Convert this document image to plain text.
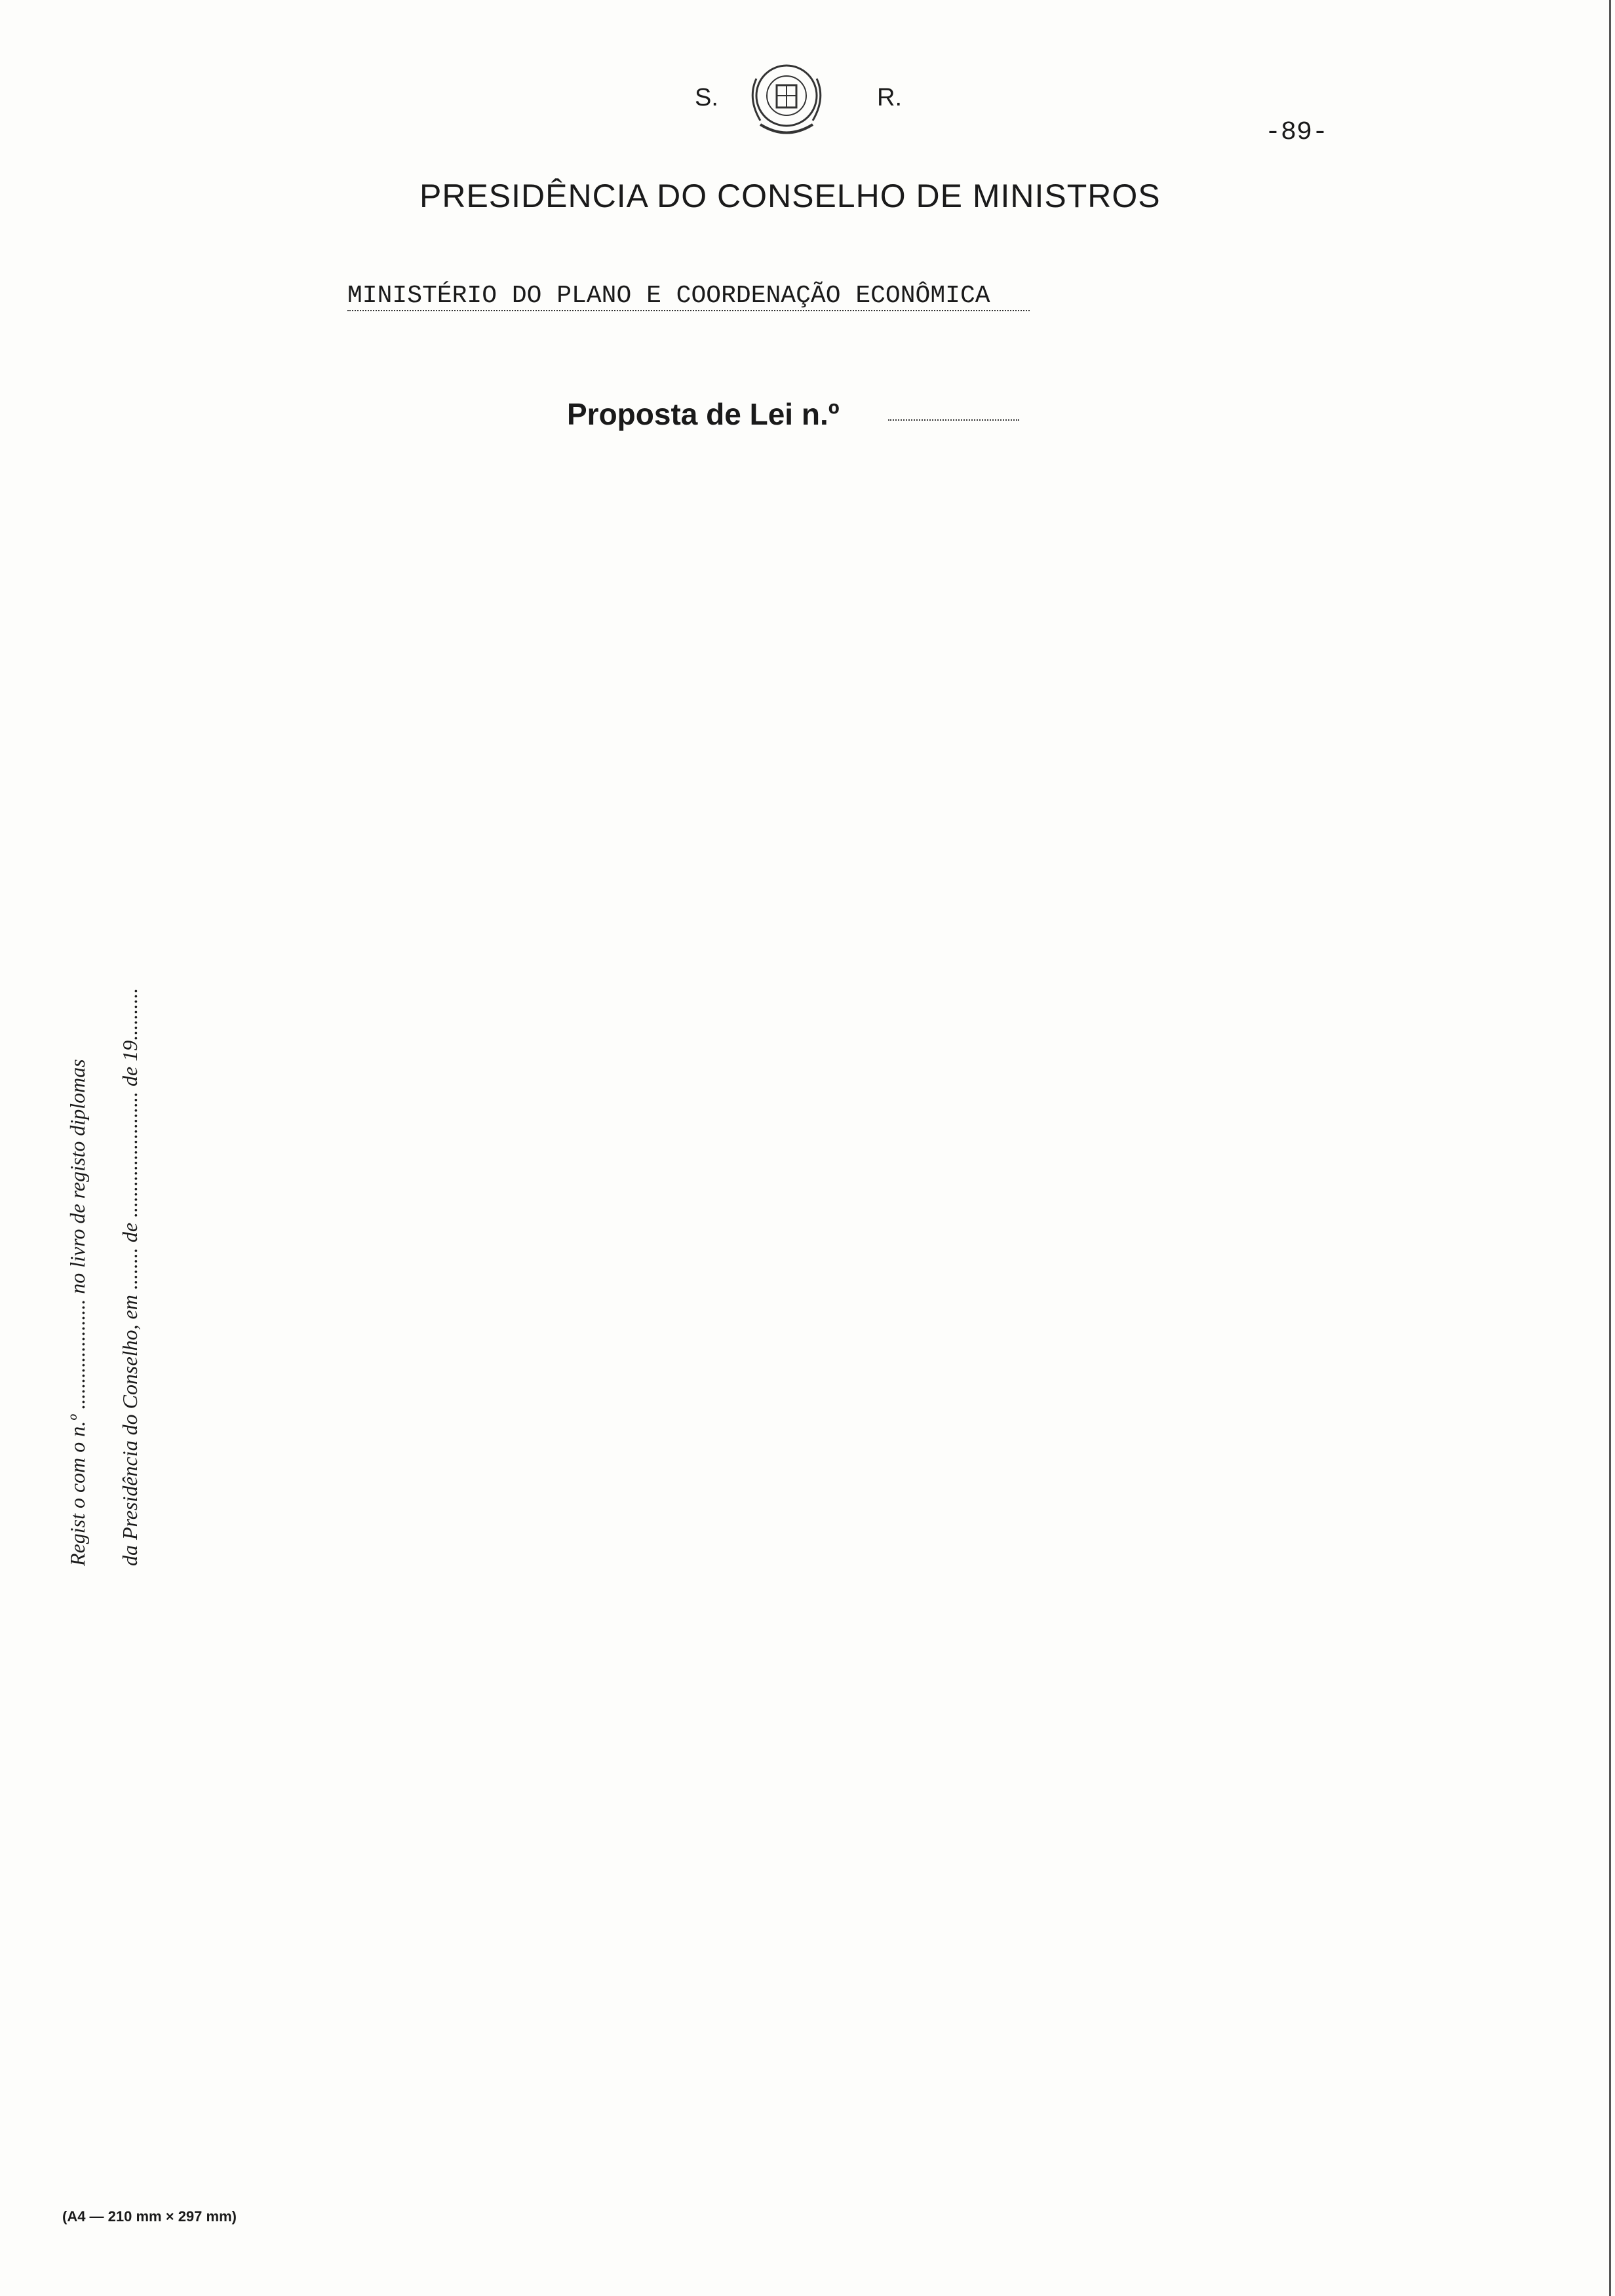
S.	R.
-89-
PRESIDÊNCIA DO CONSELHO DE MINISTROS
MINISTÉRIO DO PLANO E COORDENAÇÃO ECONÔMICA
Proposta de Lei n.º
Regist o com o n.º ..................... no livro de registo diplomas da Presidência do Conselho, em ........ de ........................ de 19..........
(A4 — 210 mm × 297 mm)
